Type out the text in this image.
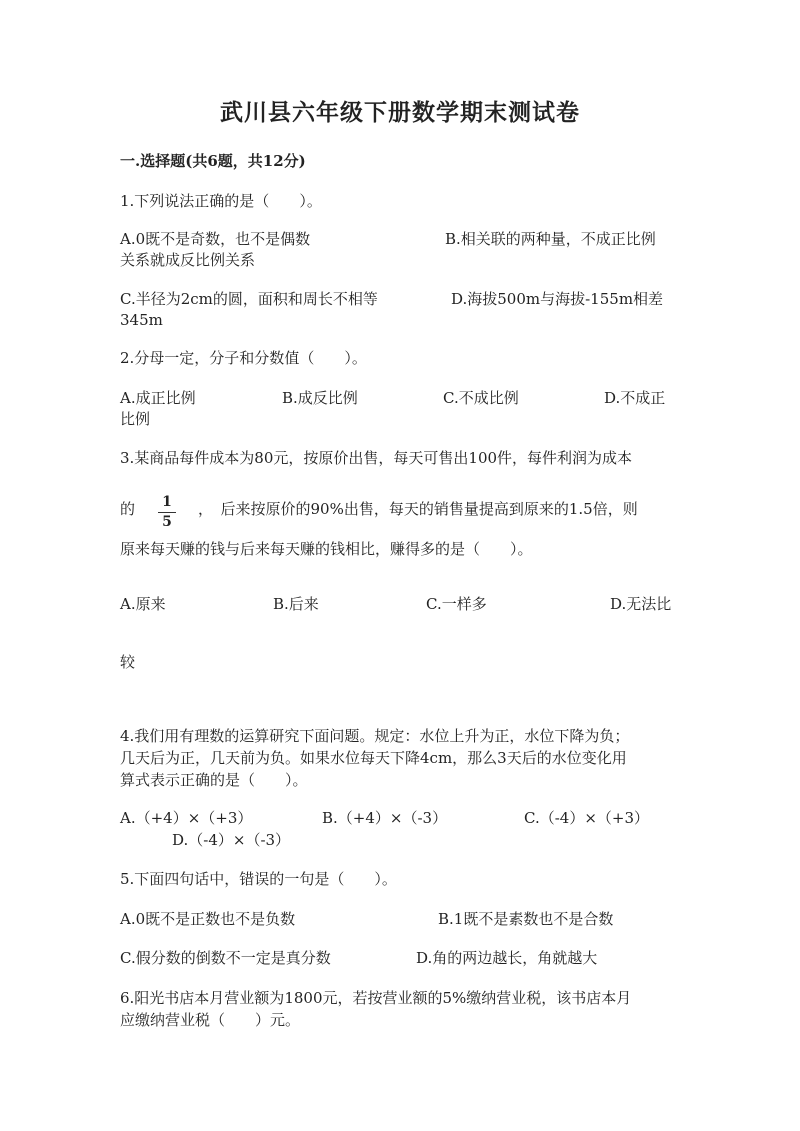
武川县六年级下册数学期末测试卷
一.选择题(共6题，共12分)
1.下列说法正确的是（　　）。
A.0既不是奇数，也不是偶数	B.相关联的两种量，不成正比例
关系就成反比例关系
C.半径为2cm的圆，面积和周长不相等	D.海拔500m与海拔-155m相差
345m
2.分母一定，分子和分数值（　　）。
A.成正比例	B.成反比例	C.不成比例	D.不成正
比例
3.某商品每件成本为80元，按原价出售，每天可售出100件，每件利润为成本
的 1
5
，　后来按原价的90%出售，每天的销售量提高到原来的1.5倍，则
原来每天赚的钱与后来每天赚的钱相比，赚得多的是（　　）。
A.原来	B.后来	C.一样多	D.无法比
较
4.我们用有理数的运算研究下面问题。规定：水位上升为正，水位下降为负；
几天后为正，几天前为负。如果水位每天下降4cm，那么3天后的水位变化用
算式表示正确的是（　　）。
A.（+4）×（+3）	B.（+4）×（-3）	C.（-4）×（+3）
D.（-4）×（-3）
5.下面四句话中，错误的一句是（　　）。
A.0既不是正数也不是负数	B.1既不是素数也不是合数
C.假分数的倒数不一定是真分数	D.角的两边越长，角就越大
6.阳光书店本月营业额为1800元，若按营业额的5%缴纳营业税，该书店本月
应缴纳营业税（　　）元。
